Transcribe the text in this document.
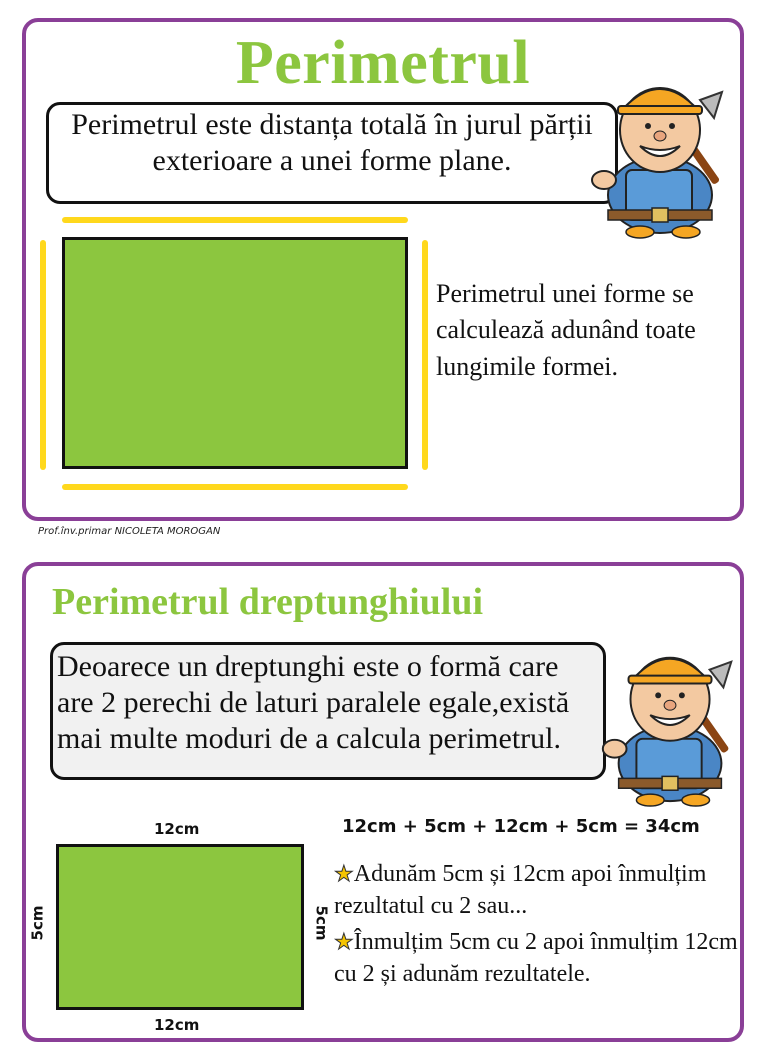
Perimetrul
Perimetrul este distanța totală în jurul părții exterioare a unei forme plane.
Perimetrul unei forme se calculează adunând toate lungimile formei.
Prof.înv.primar NICOLETA MOROGAN
Perimetrul dreptunghiului
Deoarece un dreptunghi este o formă care are 2 perechi de laturi paralele egale,există mai multe moduri de a calcula perimetrul.
12cm
5cm	5cm
12cm
12cm + 5cm + 12cm + 5cm = 34cm
★Adunăm 5cm și 12cm apoi înmulțim rezultatul cu 2 sau...
★Înmulțim 5cm cu 2 apoi înmulțim 12cm cu 2 și adunăm rezultatele.
